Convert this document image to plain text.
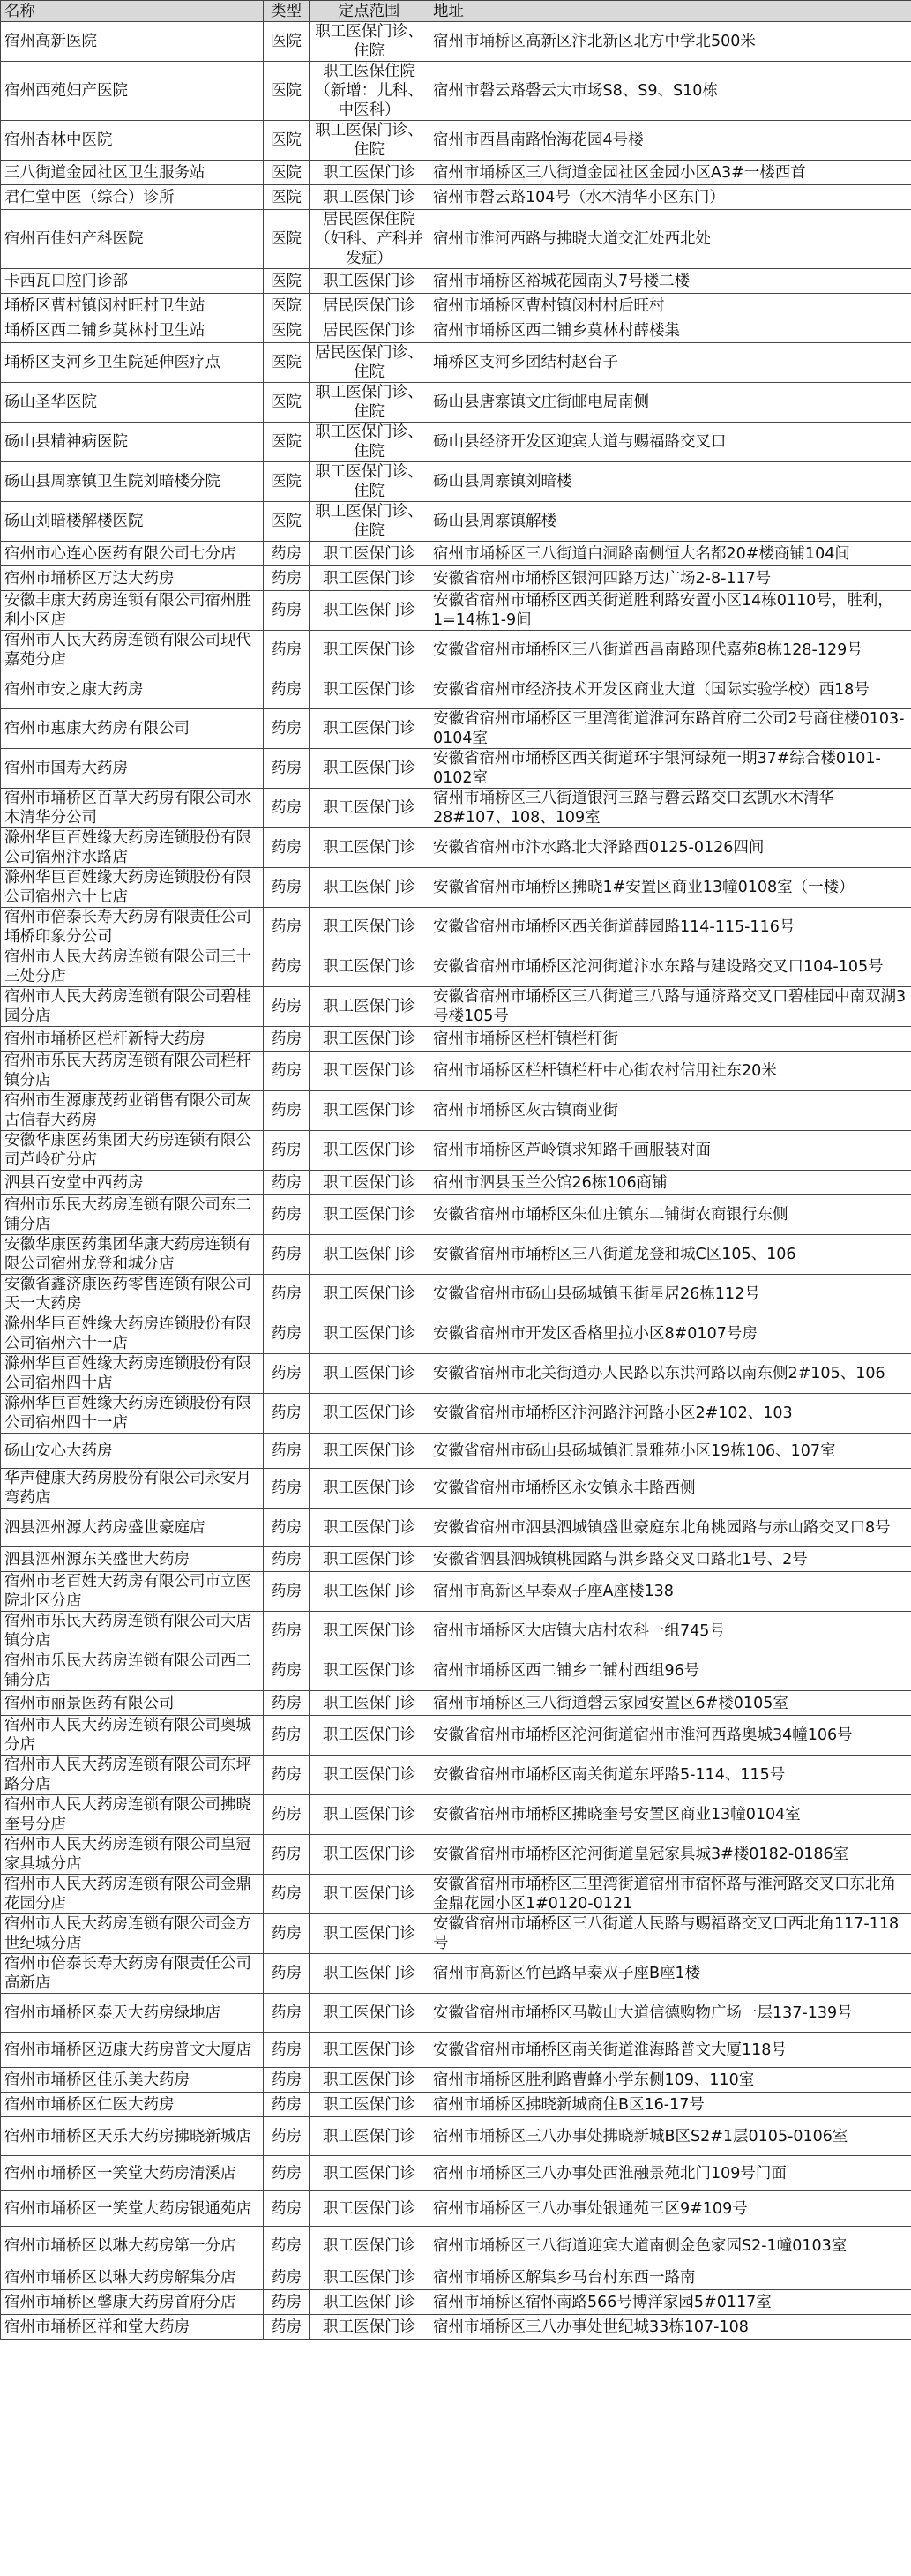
名称	类型	定点范围	地址
宿州高新医院	医院	职工医保门诊、住院	宿州市埇桥区高新区汴北新区北方中学北500米
宿州西苑妇产医院	医院	职工医保住院（新增：儿科、中医科）	宿州市磬云路磬云大市场S8、S9、S10栋
宿州杏林中医院	医院	职工医保门诊、住院	宿州市西昌南路怡海花园4号楼
三八街道金园社区卫生服务站	医院	职工医保门诊	宿州市埇桥区三八街道金园社区金园小区A3#一楼西首
君仁堂中医（综合）诊所	医院	职工医保门诊	宿州市磬云路104号（水木清华小区东门）
宿州百佳妇产科医院	医院	居民医保住院（妇科、产科并发症）	宿州市淮河西路与拂晓大道交汇处西北处
卡西瓦口腔门诊部	医院	职工医保门诊	宿州市埇桥区裕城花园南头7号楼二楼
埇桥区曹村镇闵村旺村卫生站	医院	居民医保门诊	宿州市埇桥区曹村镇闵村村后旺村
埇桥区西二铺乡莫林村卫生站	医院	居民医保门诊	宿州市埇桥区西二铺乡莫林村薛楼集
埇桥区支河乡卫生院延伸医疗点	医院	居民医保门诊、住院	埇桥区支河乡团结村赵台子
砀山圣华医院	医院	职工医保门诊、住院	砀山县唐寨镇文庄街邮电局南侧
砀山县精神病医院	医院	职工医保门诊、住院	砀山县经济开发区迎宾大道与赐福路交叉口
砀山县周寨镇卫生院刘暗楼分院	医院	职工医保门诊、住院	砀山县周寨镇刘暗楼
砀山刘暗楼解楼医院	医院	职工医保门诊、住院	砀山县周寨镇解楼
宿州市心连心医药有限公司七分店	药房	职工医保门诊	宿州市埇桥区三八街道白洞路南侧恒大名都20#楼商铺104间
宿州市埇桥区万达大药房	药房	职工医保门诊	安徽省宿州市埇桥区银河四路万达广场2-8-117号
安徽丰康大药房连锁有限公司宿州胜利小区店	药房	职工医保门诊	安徽省宿州市埇桥区西关街道胜利路安置小区14栋0110号，胜利，1=14栋1-9间
宿州市人民大药房连锁有限公司现代嘉苑分店	药房	职工医保门诊	安徽省宿州市埇桥区三八街道西昌南路现代嘉苑8栋128-129号
宿州市安之康大药房	药房	职工医保门诊	安徽省宿州市经济技术开发区商业大道（国际实验学校）西18号
宿州市惠康大药房有限公司	药房	职工医保门诊	安徽省宿州市埇桥区三里湾街道淮河东路首府二公司2号商住楼0103-0104室
宿州市国寿大药房	药房	职工医保门诊	安徽省宿州市埇桥区西关街道环宇银河绿苑一期37#综合楼0101-0102室
宿州市埇桥区百草大药房有限公司水木清华分公司	药房	职工医保门诊	宿州市埇桥区三八街道银河三路与磬云路交口玄凯水木清华28#107、108、109室
滁州华巨百姓缘大药房连锁股份有限公司宿州汴水路店	药房	职工医保门诊	安徽省宿州市汴水路北大泽路西0125-0126四间
滁州华巨百姓缘大药房连锁股份有限公司宿州六十七店	药房	职工医保门诊	安徽省宿州市埇桥区拂晓1#安置区商业13幢0108室（一楼）
宿州市倍泰长寿大药房有限责任公司埇桥印象分公司	药房	职工医保门诊	安徽省宿州市埇桥区西关街道薛园路114-115-116号
宿州市人民大药房连锁有限公司三十三处分店	药房	职工医保门诊	安徽省宿州市埇桥区沱河街道汴水东路与建设路交叉口104-105号
宿州市人民大药房连锁有限公司碧桂园分店	药房	职工医保门诊	安徽省宿州市埇桥区三八街道三八路与通济路交叉口碧桂园中南双湖3号楼105号
宿州市埇桥区栏杆新特大药房	药房	职工医保门诊	宿州市埇桥区栏杆镇栏杆街
宿州市乐民大药房连锁有限公司栏杆镇分店	药房	职工医保门诊	宿州市埇桥区栏杆镇栏杆中心街农村信用社东20米
宿州市生源康茂药业销售有限公司灰古信春大药房	药房	职工医保门诊	宿州市埇桥区灰古镇商业街
安徽华康医药集团大药房连锁有限公司芦岭矿分店	药房	职工医保门诊	宿州市埇桥区芦岭镇求知路千画服装对面
泗县百安堂中西药房	药房	职工医保门诊	宿州市泗县玉兰公馆26栋106商铺
宿州市乐民大药房连锁有限公司东二铺分店	药房	职工医保门诊	安徽省宿州市埇桥区朱仙庄镇东二铺街农商银行东侧
安徽华康医药集团华康大药房连锁有限公司宿州龙登和城分店	药房	职工医保门诊	安徽省宿州市埇桥区三八街道龙登和城C区105、106
安徽省鑫济康医药零售连锁有限公司天一大药房	药房	职工医保门诊	安徽省宿州市砀山县砀城镇玉街星居26栋112号
滁州华巨百姓缘大药房连锁股份有限公司宿州六十一店	药房	职工医保门诊	安徽省宿州市开发区香格里拉小区8#0107号房
滁州华巨百姓缘大药房连锁股份有限公司宿州四十店	药房	职工医保门诊	安徽省宿州市北关街道办人民路以东洪河路以南东侧2#105、106
滁州华巨百姓缘大药房连锁股份有限公司宿州四十一店	药房	职工医保门诊	安徽省宿州市埇桥区汴河路汴河路小区2#102、103
砀山安心大药房	药房	职工医保门诊	安徽省宿州市砀山县砀城镇汇景雅苑小区19栋106、107室
华声健康大药房股份有限公司永安月弯药店	药房	职工医保门诊	安徽省宿州市埇桥区永安镇永丰路西侧
泗县泗州源大药房盛世豪庭店	药房	职工医保门诊	安徽省宿州市泗县泗城镇盛世豪庭东北角桃园路与赤山路交叉口8号
泗县泗州源东关盛世大药房	药房	职工医保门诊	安徽省泗县泗城镇桃园路与洪乡路交叉口路北1号、2号
宿州市老百姓大药房有限公司市立医院北区分店	药房	职工医保门诊	宿州市高新区早泰双子座A座楼138
宿州市乐民大药房连锁有限公司大店镇分店	药房	职工医保门诊	宿州市埇桥区大店镇大店村农科一组745号
宿州市乐民大药房连锁有限公司西二铺分店	药房	职工医保门诊	宿州市埇桥区西二铺乡二铺村西组96号
宿州市丽景医药有限公司	药房	职工医保门诊	宿州市埇桥区三八街道磬云家园安置区6#楼0105室
宿州市人民大药房连锁有限公司奥城分店	药房	职工医保门诊	安徽省宿州市埇桥区沱河街道宿州市淮河西路奥城34幢106号
宿州市人民大药房连锁有限公司东坪路分店	药房	职工医保门诊	安徽省宿州市埇桥区南关街道东坪路5-114、115号
宿州市人民大药房连锁有限公司拂晓奎号分店	药房	职工医保门诊	安徽省宿州市埇桥区拂晓奎号安置区商业13幢0104室
宿州市人民大药房连锁有限公司皇冠家具城分店	药房	职工医保门诊	安徽省宿州市埇桥区沱河街道皇冠家具城3#楼0182-0186室
宿州市人民大药房连锁有限公司金鼎花园分店	药房	职工医保门诊	安徽省宿州市埇桥区三里湾街道宿州市宿怀路与淮河路交叉口东北角金鼎花园小区1#0120-0121
宿州市人民大药房连锁有限公司金方世纪城分店	药房	职工医保门诊	安徽省宿州市埇桥区三八街道人民路与赐福路交叉口西北角117-118号
宿州市倍泰长寿大药房有限责任公司高新店	药房	职工医保门诊	宿州市高新区竹邑路早泰双子座B座1楼
宿州市埇桥区泰天大药房绿地店	药房	职工医保门诊	安徽省宿州市埇桥区马鞍山大道信德购物广场一层137-139号
宿州市埇桥区迈康大药房普文大厦店	药房	职工医保门诊	安徽省宿州市埇桥区南关街道淮海路普文大厦118号
宿州市埇桥区佳乐美大药房	药房	职工医保门诊	宿州市埇桥区胜利路曹蜂小学东侧109、110室
宿州市埇桥区仁医大药房	药房	职工医保门诊	宿州市埇桥区拂晓新城商住B区16-17号
宿州市埇桥区天乐大药房拂晓新城店	药房	职工医保门诊	宿州市埇桥区三八办事处拂晓新城B区S2#1层0105-0106室
宿州市埇桥区一笑堂大药房清溪店	药房	职工医保门诊	宿州市埇桥区三八办事处西淮融景苑北门109号门面
宿州市埇桥区一笑堂大药房银通苑店	药房	职工医保门诊	宿州市埇桥区三八办事处银通苑三区9#109号
宿州市埇桥区以琳大药房第一分店	药房	职工医保门诊	宿州市埇桥区三八街道迎宾大道南侧金色家园S2-1幢0103室
宿州市埇桥区以琳大药房解集分店	药房	职工医保门诊	宿州市埇桥区解集乡马台村东西一路南
宿州市埇桥区馨康大药房首府分店	药房	职工医保门诊	宿州市埇桥区宿怀南路566号博洋家园5#0117室
宿州市埇桥区祥和堂大药房	药房	职工医保门诊	宿州市埇桥区三八办事处世纪城33栋107-108
